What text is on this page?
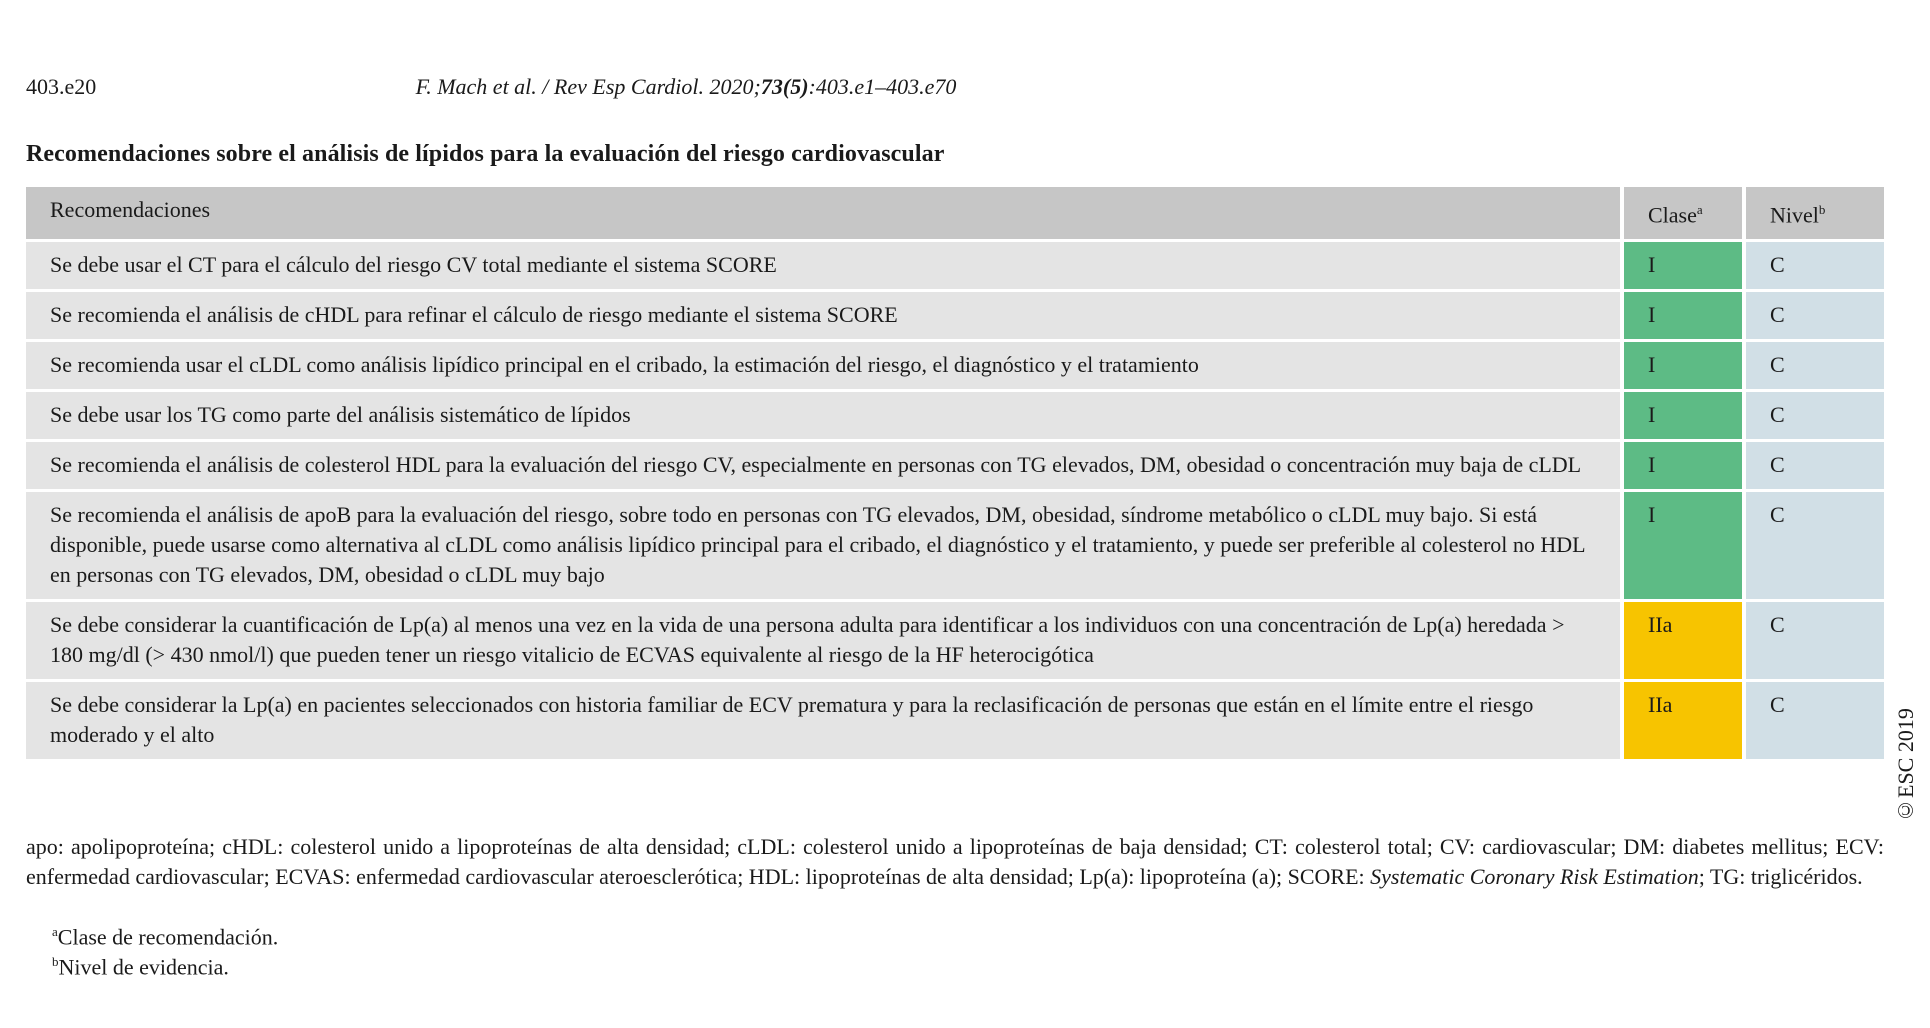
403.e20	F. Mach et al. / Rev Esp Cardiol. 2020;73(5):403.e1–403.e70
Recomendaciones sobre el análisis de lípidos para la evaluación del riesgo cardiovascular
Recomendaciones	Clase$^a$	Nivel$^b$
Se debe usar el CT para el cálculo del riesgo CV total mediante el sistema SCORE	I	C
Se recomienda el análisis de cHDL para refinar el cálculo de riesgo mediante el sistema SCORE	I	C
Se recomienda usar el cLDL como análisis lipídico principal en el cribado, la estimación del riesgo, el diagnóstico y el tratamiento	I	C
Se debe usar los TG como parte del análisis sistemático de lípidos	I	C
Se recomienda el análisis de colesterol HDL para la evaluación del riesgo CV, especialmente en personas con TG elevados, DM, obesidad o concentración muy baja de cLDL	I	C
Se recomienda el análisis de apoB para la evaluación del riesgo, sobre todo en personas con TG elevados, DM, obesidad, síndrome metabólico o cLDL muy bajo. Si está disponible, puede usarse como alternativa al cLDL como análisis lipídico principal para el cribado, el diagnóstico y el tratamiento, y puede ser preferible al colesterol no HDL en personas con TG elevados, DM, obesidad o cLDL muy bajo	I	C
Se debe considerar la cuantificación de Lp(a) al menos una vez en la vida de una persona adulta para identificar a los individuos con una concentración de Lp(a) heredada > 180 mg/dl (> 430 nmol/l) que pueden tener un riesgo vitalicio de ECVAS equivalente al riesgo de la HF heterocigótica	IIa	C
Se debe considerar la Lp(a) en pacientes seleccionados con historia familiar de ECV prematura y para la reclasificación de personas que están en el límite entre el riesgo moderado y el alto	IIa	C
©ESC 2019
apo: apolipoproteína; cHDL: colesterol unido a lipoproteínas de alta densidad; cLDL: colesterol unido a lipoproteínas de baja densidad; CT: colesterol total; CV: cardiovascular; DM: diabetes mellitus; ECV: enfermedad cardiovascular; ECVAS: enfermedad cardiovascular ateroesclerótica; HDL: lipoproteínas de alta densidad; Lp(a): lipoproteína (a); SCORE: Systematic Coronary Risk Estimation; TG: triglicéridos.
$^a$Clase de recomendación.
$^b$Nivel de evidencia.
